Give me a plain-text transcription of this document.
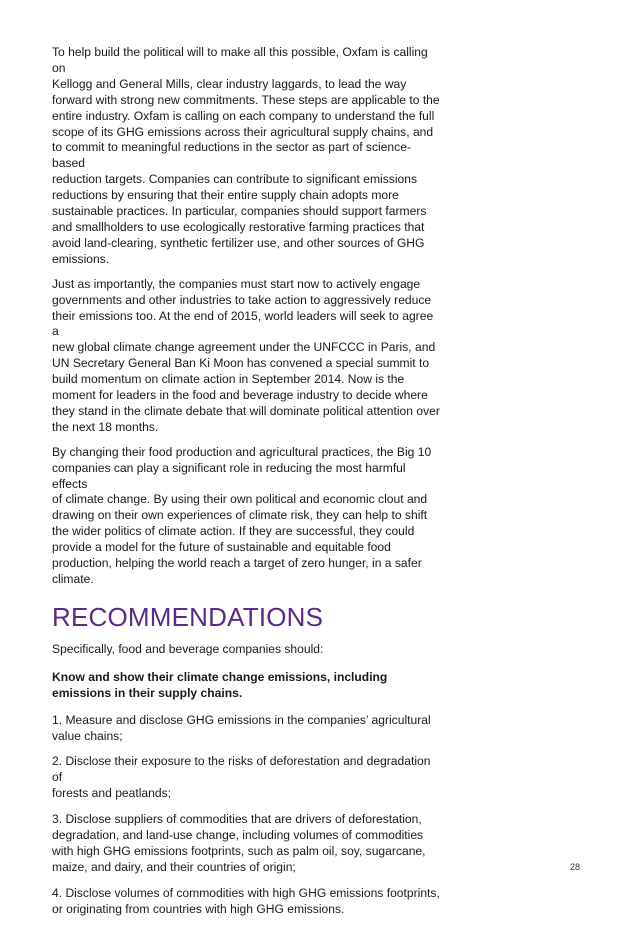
To help build the political will to make all this possible, Oxfam is calling on
Kellogg and General Mills, clear industry laggards, to lead the way
forward with strong new commitments. These steps are applicable to the
entire industry. Oxfam is calling on each company to understand the full
scope of its GHG emissions across their agricultural supply chains, and
to commit to meaningful reductions in the sector as part of science-based
reduction targets. Companies can contribute to significant emissions
reductions by ensuring that their entire supply chain adopts more
sustainable practices. In particular, companies should support farmers
and smallholders to use ecologically restorative farming practices that
avoid land-clearing, synthetic fertilizer use, and other sources of GHG
emissions.

Just as importantly, the companies must start now to actively engage
governments and other industries to take action to aggressively reduce
their emissions too. At the end of 2015, world leaders will seek to agree a
new global climate change agreement under the UNFCCC in Paris, and
UN Secretary General Ban Ki Moon has convened a special summit to
build momentum on climate action in September 2014. Now is the
moment for leaders in the food and beverage industry to decide where
they stand in the climate debate that will dominate political attention over
the next 18 months.

By changing their food production and agricultural practices, the Big 10
companies can play a significant role in reducing the most harmful effects
of climate change. By using their own political and economic clout and
drawing on their own experiences of climate risk, they can help to shift
the wider politics of climate action. If they are successful, they could
provide a model for the future of sustainable and equitable food
production, helping the world reach a target of zero hunger, in a safer
climate.

RECOMMENDATIONS

Specifically, food and beverage companies should:

Know and show their climate change emissions, including
emissions in their supply chains.

1. Measure and disclose GHG emissions in the companies’ agricultural
value chains;

2. Disclose their exposure to the risks of deforestation and degradation of
forests and peatlands;

3. Disclose suppliers of commodities that are drivers of deforestation,
degradation, and land-use change, including volumes of commodities
with high GHG emissions footprints, such as palm oil, soy, sugarcane,
maize, and dairy, and their countries of origin;

4. Disclose volumes of commodities with high GHG emissions footprints,
or originating from countries with high GHG emissions.

28
